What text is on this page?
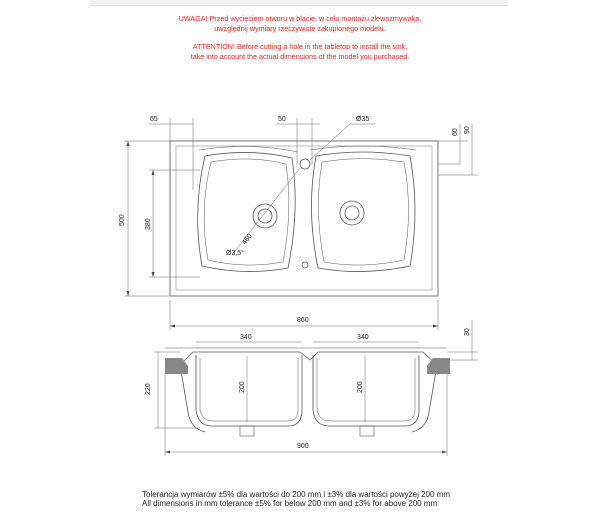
UWAGA! Przed wycięciem otworu w blacie, w celu montażu zlewozmywaka,
uwzględnij wymiary rzeczywiste zakupionego modelu.
ATTENTION! Before cutting a hole in the tabletop to install the sink,
take into account the actual dimensions of the model you purchased.
65	50	Ø35
60 90
500	380
460
Ø3,5°
860
340	340
200	200
220
30
900
Tolerancja wymiarów ±5% dla wartości do 200 mm i ±3% dla wartości powyżej 200 mm
All dimensions in mm tolerance ±5% for below 200 mm and ±3% for above 200 mm
